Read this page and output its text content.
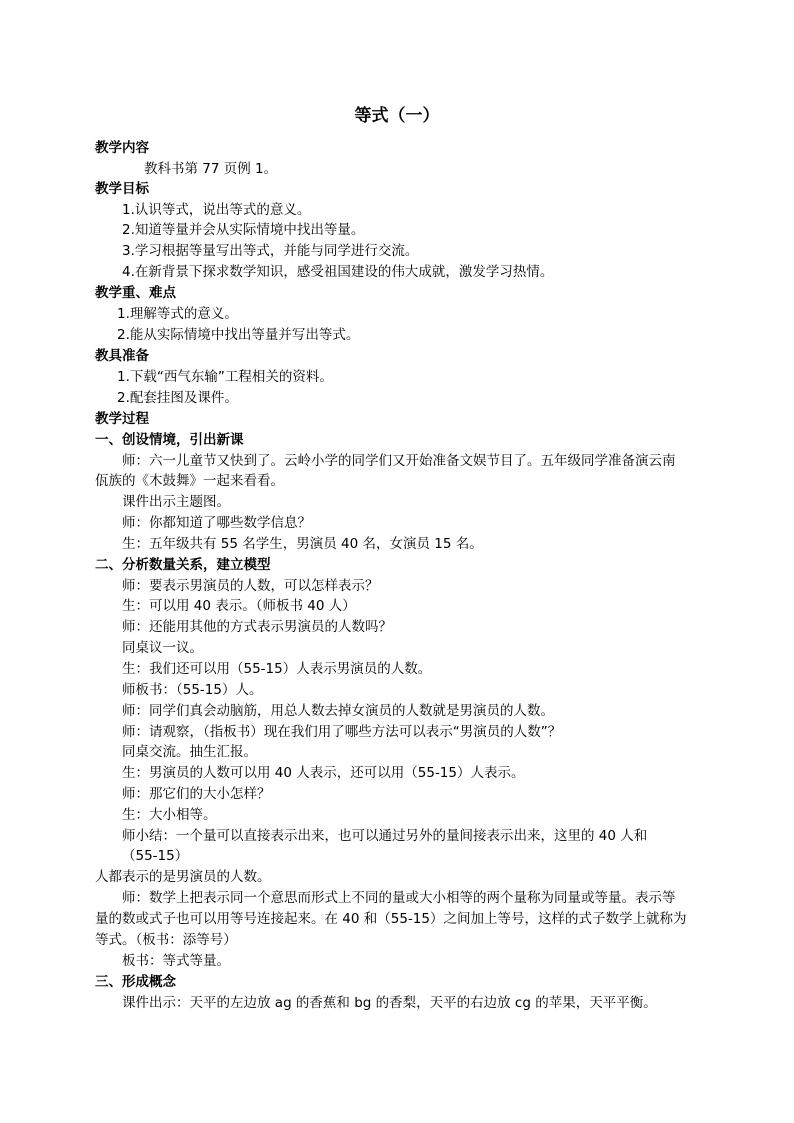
等式（一）
教学内容
教科书第 77 页例 1。
教学目标
1.认识等式，说出等式的意义。
2.知道等量并会从实际情境中找出等量。
3.学习根据等量写出等式，并能与同学进行交流。
4.在新背景下探求数学知识，感受祖国建设的伟大成就，激发学习热情。
教学重、难点
1.理解等式的意义。
2.能从实际情境中找出等量并写出等式。
教具准备
1.下载“西气东输”工程相关的资料。
2.配套挂图及课件。
教学过程
一、创设情境，引出新课
师：六一儿童节又快到了。云岭小学的同学们又开始准备文娱节目了。五年级同学准备演云南
佤族的《木鼓舞》一起来看看。
课件出示主题图。
师：你都知道了哪些数学信息？
生：五年级共有 55 名学生，男演员 40 名，女演员 15 名。
二、分析数量关系，建立模型
师：要表示男演员的人数，可以怎样表示？
生：可以用 40 表示。（师板书 40 人）
师：还能用其他的方式表示男演员的人数吗？
同桌议一议。
生：我们还可以用（55-15）人表示男演员的人数。
师板书：（55-15）人。
师：同学们真会动脑筋，用总人数去掉女演员的人数就是男演员的人数。
师：请观察，（指板书）现在我们用了哪些方法可以表示“男演员的人数”？
同桌交流。抽生汇报。
生：男演员的人数可以用 40 人表示，还可以用（55-15）人表示。
师：那它们的大小怎样？
生：大小相等。
师小结：一个量可以直接表示出来，也可以通过另外的量间接表示出来，这里的 40 人和
（55-15）
人都表示的是男演员的人数。
师：数学上把表示同一个意思而形式上不同的量或大小相等的两个量称为同量或等量。表示等
量的数或式子也可以用等号连接起来。在 40 和（55-15）之间加上等号，这样的式子数学上就称为
等式。（板书：添等号）
板书：等式等量。
三、形成概念
课件出示：天平的左边放 ag 的香蕉和 bg 的香梨，天平的右边放 cg 的苹果，天平平衡。
